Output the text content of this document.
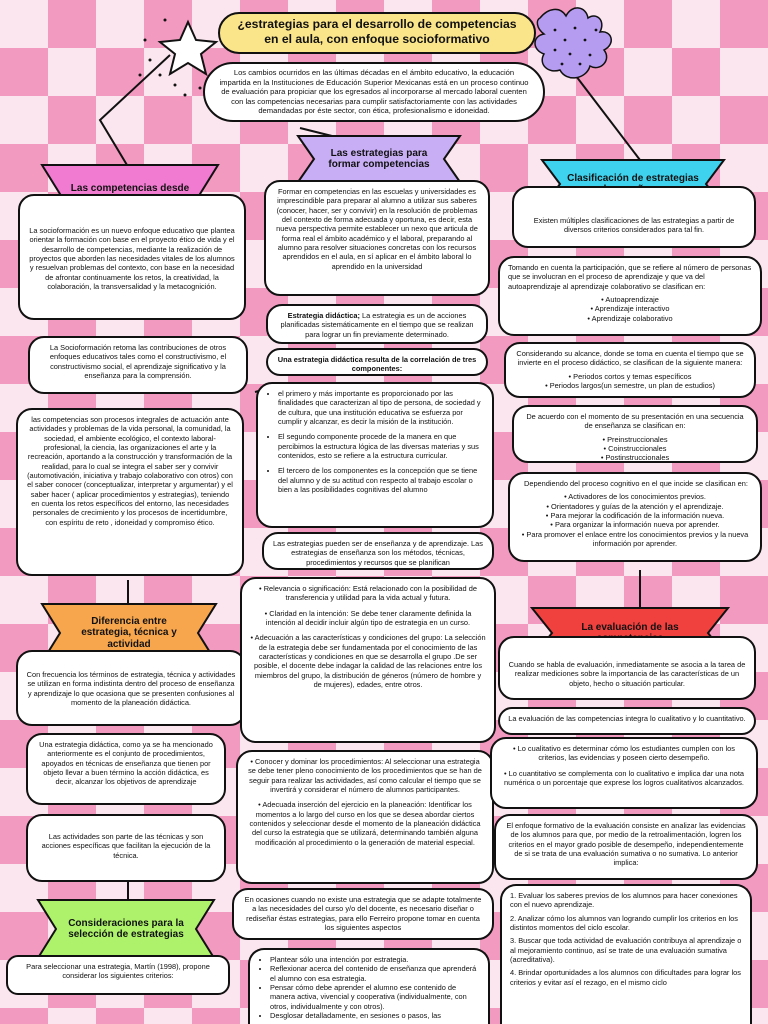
¿estrategias para el desarrollo de competencias en el aula, con enfoque socioformativo
Los cambios ocurridos en las últimas décadas en el ámbito educativo, la educación impartida en la Instituciones de Educación Superior Mexicanas está en un proceso continuo de evaluación para propiciar que los egresados al incorporarse al mercado laboral cuenten con las competencias necesarias para cumplir satisfactoriamente con las actividades demandadas por éste sector, con ética, profesionalismo e idoneidad.
Las competencias desde
La socioformación es un nuevo enfoque educativo que plantea orientar la formación con base en el proyecto ético de vida y el desarrollo de competencias, mediante la realización de proyectos que aborden las necesidades vitales de los alumnos y resuelvan problemas del contexto, con base en la necesidad de afrontar continuamente los retos, la creatividad, la colaboración, la transversalidad y la metacognición.
La Socioformación retoma las contribuciones de otros enfoques educativos tales como el constructivismo, el constructivismo social, el aprendizaje significativo y la enseñanza para la comprensión.
las competencias son procesos integrales de actuación ante actividades y problemas de la vida personal, la comunidad, la sociedad, el ambiente ecológico, el contexto laboral-profesional, la ciencia, las organizaciones el arte y la recreación, aportando a la construcción y transformación de la realidad, para lo cual se integra el saber ser y convivir (automotivación, iniciativa y trabajo colaborativo con otros) con el saber conocer (conceptualizar, interpretar y argumentar) y el saber hacer ( aplicar procedimientos y estrategias), teniendo en cuenta los retos específicos del entorno, las necesidades personales de crecimiento y los procesos de incertidumbre, con espíritu de reto , idoneidad y compromiso ético.
Diferencia entre estrategia, técnica y actividad
Con frecuencia los términos de estrategia, técnica y actividades se utilizan en forma indistinta dentro del proceso de enseñanza y aprendizaje lo que ocasiona que se presenten confusiones al momento de la planeación didáctica.
Una estrategia didáctica, como ya se ha mencionado anteriormente es el conjunto de procedimientos, apoyados en técnicas de enseñanza que tienen por objeto llevar a buen término la acción didáctica, es decir, alcanzar los objetivos de aprendizaje
Las actividades son parte de las técnicas y son acciones específicas que facilitan la ejecución de la técnica.
Consideraciones para la selección de estrategias
Para seleccionar una estrategia, Martín (1998), propone considerar los siguientes criterios:
Las estrategias para formar competencias
Formar en competencias en las escuelas y universidades es imprescindible para preparar al alumno a utilizar sus saberes (conocer, hacer, ser y convivir) en la resolución de problemas del contexto de forma adecuada y oportuna, es decir, esta nueva perspectiva permite establecer un nexo que articula de forma real el ámbito académico y el laboral, preparando al alumno para resolver situaciones concretas con los recursos aprendidos en el aula, en sí aplicar en el ámbito laboral lo aprendido en la universidad
Estrategia didáctica; La estrategia es un de acciones planificadas sistemáticamente en el tiempo que se realizan para lograr un fin previamente determinado.
Una estrategia didáctica resulta de la correlación de tres componentes:
• el primero y más importante es proporcionado por las finalidades que caracterizan al tipo de persona, de sociedad y de cultura, que una institución educativa se esfuerza por cumplir y alcanzar, es decir la misión de la institución.
• El segundo componente procede de la manera en que percibimos la estructura lógica de las diversas materias y sus contenidos, esto se refiere a la estructura curricular.
• El tercero de los componentes es la concepción que se tiene del alumno y de su actitud con respecto al trabajo escolar o bien a las posibilidades cognitivas del alumno
Las estrategias pueden ser de enseñanza y de aprendizaje. Las estrategias de enseñanza son los métodos, técnicas, procedimientos y recursos que se planifican
• Relevancia o significación: Está relacionado con la posibilidad de transferencia y utilidad para la vida actual y futura.
• Claridad en la intención: Se debe tener claramente definida la intención al decidir incluir algún tipo de estrategia en un curso.
• Adecuación a las características y condiciones del grupo: La selección de la estrategia debe ser fundamentada por el conocimiento de las características y condiciones en que se desarrolla el grupo .De ser posible, el docente debe indagar la calidad de las relaciones entre los miembros del grupo, la distribución de géneros (número de hombre y de mujeres), edades, entre otros.
• Conocer y dominar los procedimientos: Al seleccionar una estrategia se debe tener pleno conocimiento de los procedimientos que se han de seguir para realizar las actividades, así como calcular el tiempo que se invertirá y considerar el número de alumnos participantes.
• Adecuada inserción del ejercicio en la planeación: Identificar los momentos a lo largo del curso en los que se desea abordar ciertos contenidos y seleccionar desde el momento de la planeación didáctica del curso la estrategia que se utilizará, determinando también alguna modificación al procedimiento o la generación de material especial.
En ocasiones cuando no existe una estrategia que se adapte totalmente a las necesidades del curso y/o del docente, es necesario diseñar o rediseñar éstas estrategias, para ello Ferreiro propone tomar en cuenta los siguientes aspectos
• Plantear sólo una intención por estrategia.
• Reflexionar acerca del contenido de enseñanza que aprenderá el alumno con esa estrategia.
• Pensar cómo debe aprender el alumno ese contenido de manera activa, vivencial y cooperativa (individualmente, con otros, individualmente y con otros).
• Desglosar detalladamente, en sesiones o pasos, las
Clasificación de estrategias
Existen múltiples clasificaciones de las estrategias a partir de diversos criterios considerados para tal fin.

Tomando en cuenta la participación, que se refiere al número de personas que se involucran en el proceso de aprendizaje y que va del autoaprendizaje al aprendizaje colaborativo se clasifican en:

• Autoaprendizaje
• Aprendizaje interactivo
• Aprendizaje colaborativo

Considerando su alcance, donde se toma en cuenta el tiempo que se invierte en el proceso didáctico, se clasifican de la siguiente manera:

• Periodos cortos y temas específicos
• Periodos largos(un semestre, un plan de estudios)

De acuerdo con el momento de su presentación en una secuencia de enseñanza se clasifican en:

• Preinstruccionales
• Coinstruccionales
• Postinstruccionales

Dependiendo del proceso cognitivo en el que incide se clasifican en:

• Activadores de los conocimientos previos.
• Orientadores y guías de la atención y el aprendizaje.
• Para mejorar la codificación de la información nueva.
• Para organizar la información nueva por aprender.
• Para promover el enlace entre los conocimientos previos y la nueva información por aprender.
La evaluación de las
Cuando se habla de evaluación, inmediatamente se asocia a la tarea de realizar mediciones sobre la importancia de las características de un objeto, hecho o situación particular.
La evaluación de las competencias integra lo cualitativo y lo cuantitativo.
• Lo cualitativo es determinar cómo los estudiantes cumplen con los criterios, las evidencias y poseen cierto desempeño.
• Lo cuantitativo se complementa con lo cualitativo e implica dar una nota numérica o un porcentaje que exprese los logros cualitativos alcanzados.
El enfoque formativo de la evaluación consiste en analizar las evidencias de los alumnos para que, por medio de la retroalimentación, logren los criterios en el mayor grado posible de desempeño, independientemente de si se trata de una evaluación sumativa o no sumativa. Lo anterior implica:

1. Evaluar los saberes previos de los alumnos para hacer conexiones con el nuevo aprendizaje.

2. Analizar cómo los alumnos van logrando cumplir los criterios en los distintos momentos del ciclo escolar.

3. Buscar que toda actividad de evaluación contribuya al aprendizaje o al mejoramiento continuo, así se trate de una evaluación sumativa (acreditativa).

4. Brindar oportunidades a los alumnos con dificultades para lograr los criterios y evitar así el rezago, en el mismo ciclo
